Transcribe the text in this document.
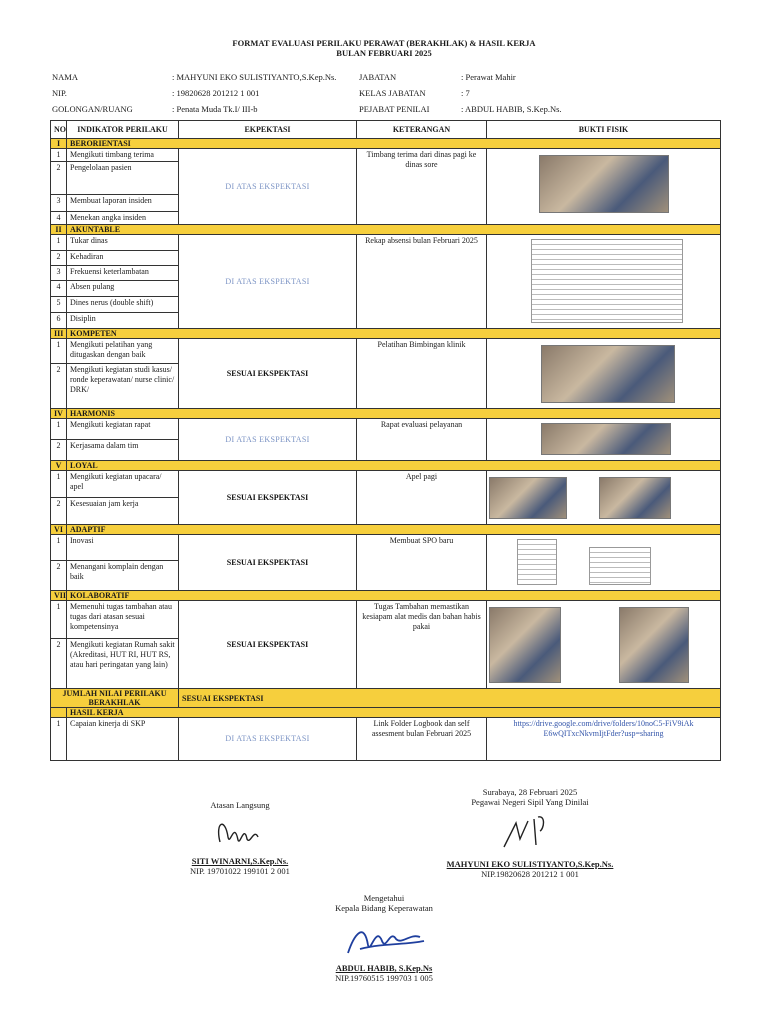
FORMAT EVALUASI PERILAKU PERAWAT (BERAKHLAK) & HASIL KERJA
BULAN FEBRUARI 2025
NAMA	: MAHYUNI EKO SULISTIYANTO,S.Kep.Ns.	JABATAN	: Perawat Mahir
NIP.	: 19820628 201212 1 001	KELAS JABATAN	: 7
GOLONGAN/RUANG	: Penata Muda Tk.I/ III-b	PEJABAT PENILAI	: ABDUL HABIB, S.Kep.Ns.
NO	INDIKATOR PERILAKU	EKPEKTASI	KETERANGAN	BUKTI FISIK
I	BERORIENTASI			
1	Mengikuti timbang terima	DI ATAS EKSPEKTASI	Timbang terima dari dinas pagi ke dinas sore	
2	Pengelolaan pasien			
3	Membuat laporan insiden			
4	Menekan angka insiden			
II	AKUNTABLE			
1	Tukar dinas	DI ATAS EKSPEKTASI	Rekap absensi bulan Februari 2025	
2	Kehadiran			
3	Frekuensi keterlambatan			
4	Absen pulang			
5	Dines nerus (double shift)			
6	Disiplin			
III	KOMPETEN			
1	Mengikuti pelatihan yang ditugaskan dengan baik	SESUAI EKSPEKTASI	Pelatihan Bimbingan klinik	
2	Mengikuti kegiatan studi kasus/ ronde keperawatan/ nurse clinic/ DRK/			
IV	HARMONIS			
1	Mengikuti kegiatan rapat	DI ATAS EKSPEKTASI	Rapat evaluasi pelayanan	
2	Kerjasama dalam tim			
V	LOYAL			
1	Mengikuti kegiatan upacara/ apel	SESUAI EKSPEKTASI	Apel pagi	
2	Kesesuaian jam kerja			
VI	ADAPTIF			
1	Inovasi	SESUAI EKSPEKTASI	Membuat SPO baru	
2	Menangani komplain dengan baik			
VII	KOLABORATIF			
1	Memenuhi tugas tambahan atau tugas dari atasan sesuai kompetensinya	SESUAI EKSPEKTASI	Tugas Tambahan memastikan kesiapam alat medis dan bahan habis pakai	
2	Mengikuti kegiatan Rumah sakit (Akreditasi, HUT RI, HUT RS, atau hari peringatan yang lain)			
JUMLAH NILAI PERILAKU BERAKHLAK		SESUAI EKSPEKTASI		
	HASIL KERJA			
1	Capaian kinerja di SKP	DI ATAS EKSPEKTASI	Link Folder Logbook dan self assesment bulan Februari 2025	https://drive.google.com/drive/folders/10noC5-FiV9iAkE6wQITxcNkvmIjtFder?usp=sharing
Atasan Langsung
SITI WINARNI,S.Kep.Ns.
NIP. 19701022 199101 2 001
Surabaya, 28 Februari 2025
Pegawai Negeri Sipil Yang Dinilai
MAHYUNI EKO SULISTIYANTO,S.Kep.Ns.
NIP.19820628 201212 1 001
Mengetahui
Kepala Bidang Keperawatan
ABDUL HABIB, S.Kep.Ns
NIP.19760515 199703 1 005
